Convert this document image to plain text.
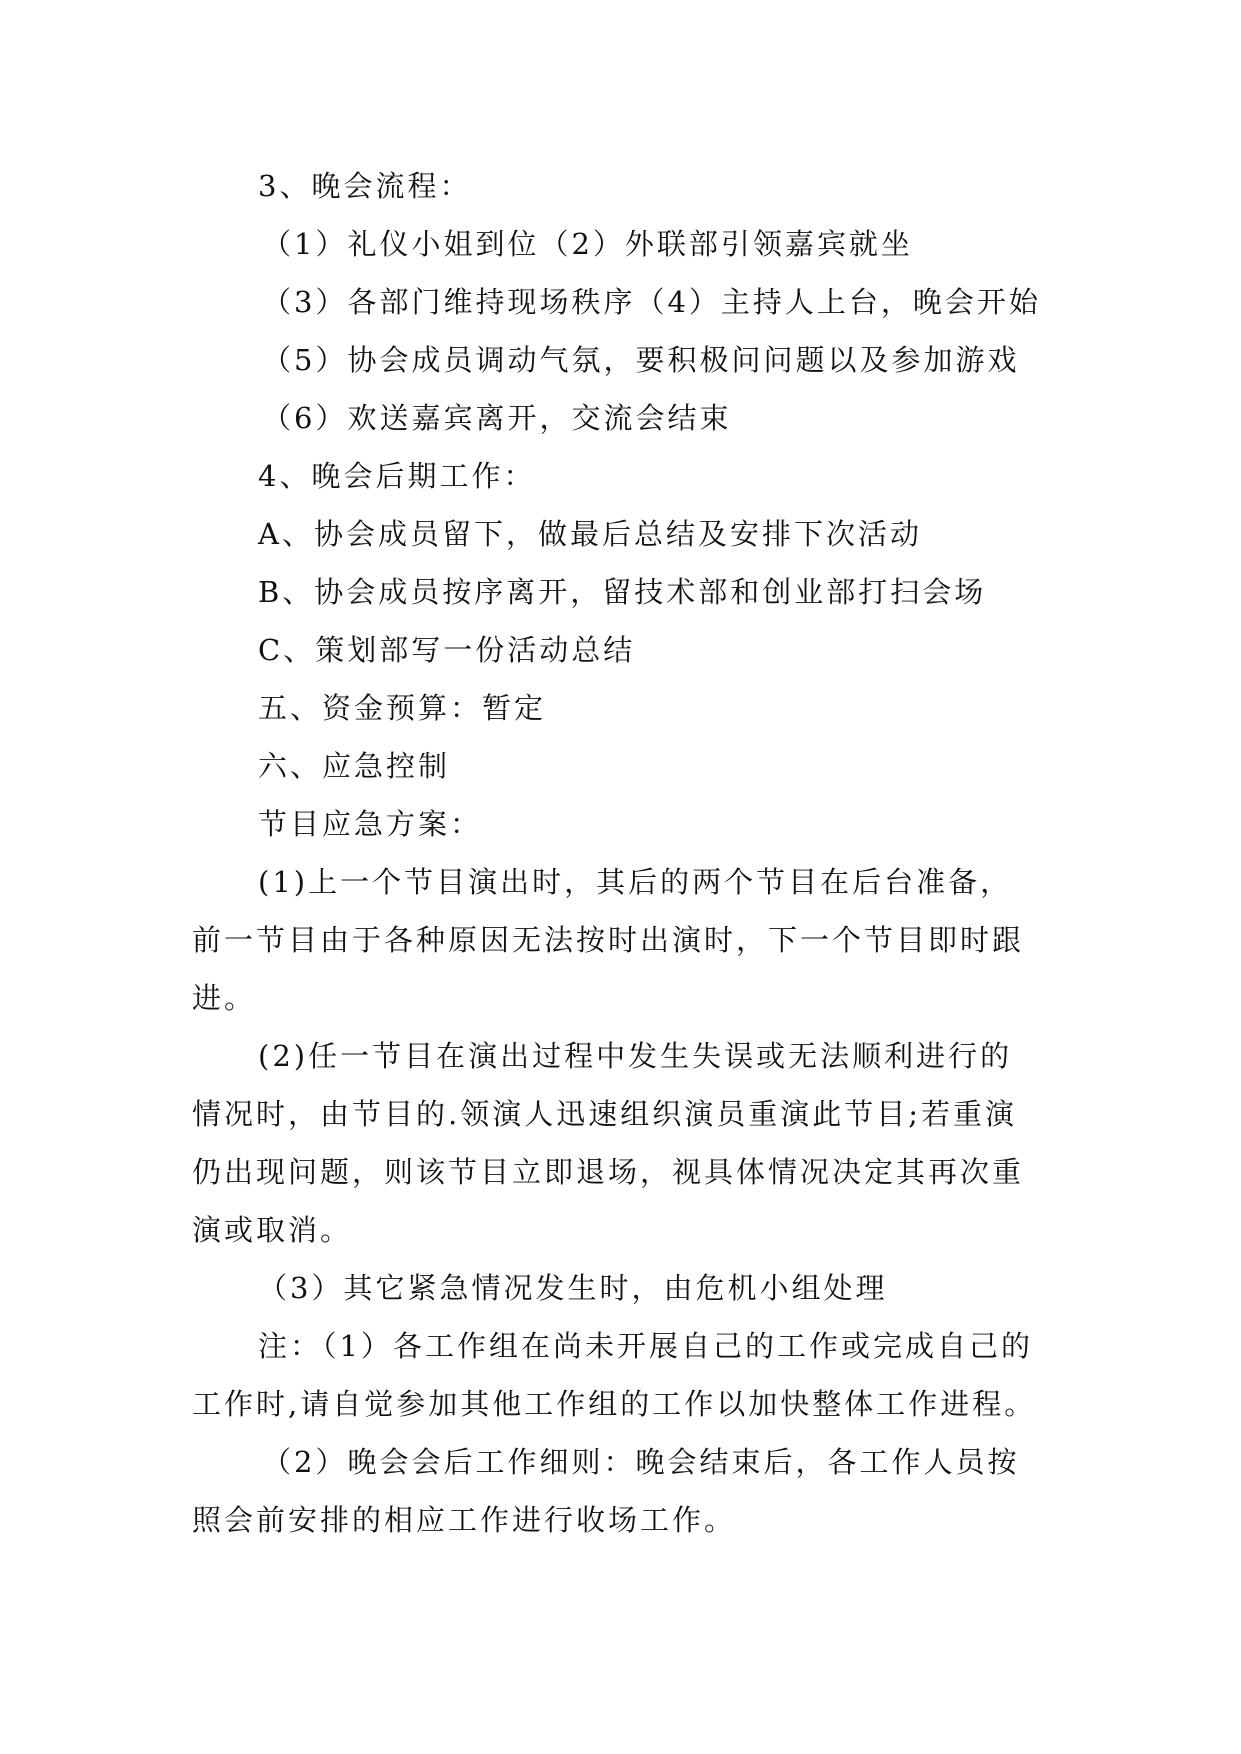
3、晚会流程：
（1）礼仪小姐到位（2）外联部引领嘉宾就坐
（3）各部门维持现场秩序（4）主持人上台，晚会开始
（5）协会成员调动气氛，要积极问问题以及参加游戏
（6）欢送嘉宾离开，交流会结束
4、晚会后期工作：
A、协会成员留下，做最后总结及安排下次活动
B、协会成员按序离开，留技术部和创业部打扫会场
C、策划部写一份活动总结
五、资金预算：暂定
六、应急控制
节目应急方案：
(1)上一个节目演出时，其后的两个节目在后台准备，
前一节目由于各种原因无法按时出演时，下一个节目即时跟
进。
(2)任一节目在演出过程中发生失误或无法顺利进行的
情况时，由节目的.领演人迅速组织演员重演此节目;若重演
仍出现问题，则该节目立即退场，视具体情况决定其再次重
演或取消。
（3）其它紧急情况发生时，由危机小组处理
注：（1）各工作组在尚未开展自己的工作或完成自己的
工作时,请自觉参加其他工作组的工作以加快整体工作进程。
（2）晚会会后工作细则：晚会结束后，各工作人员按
照会前安排的相应工作进行收场工作。
